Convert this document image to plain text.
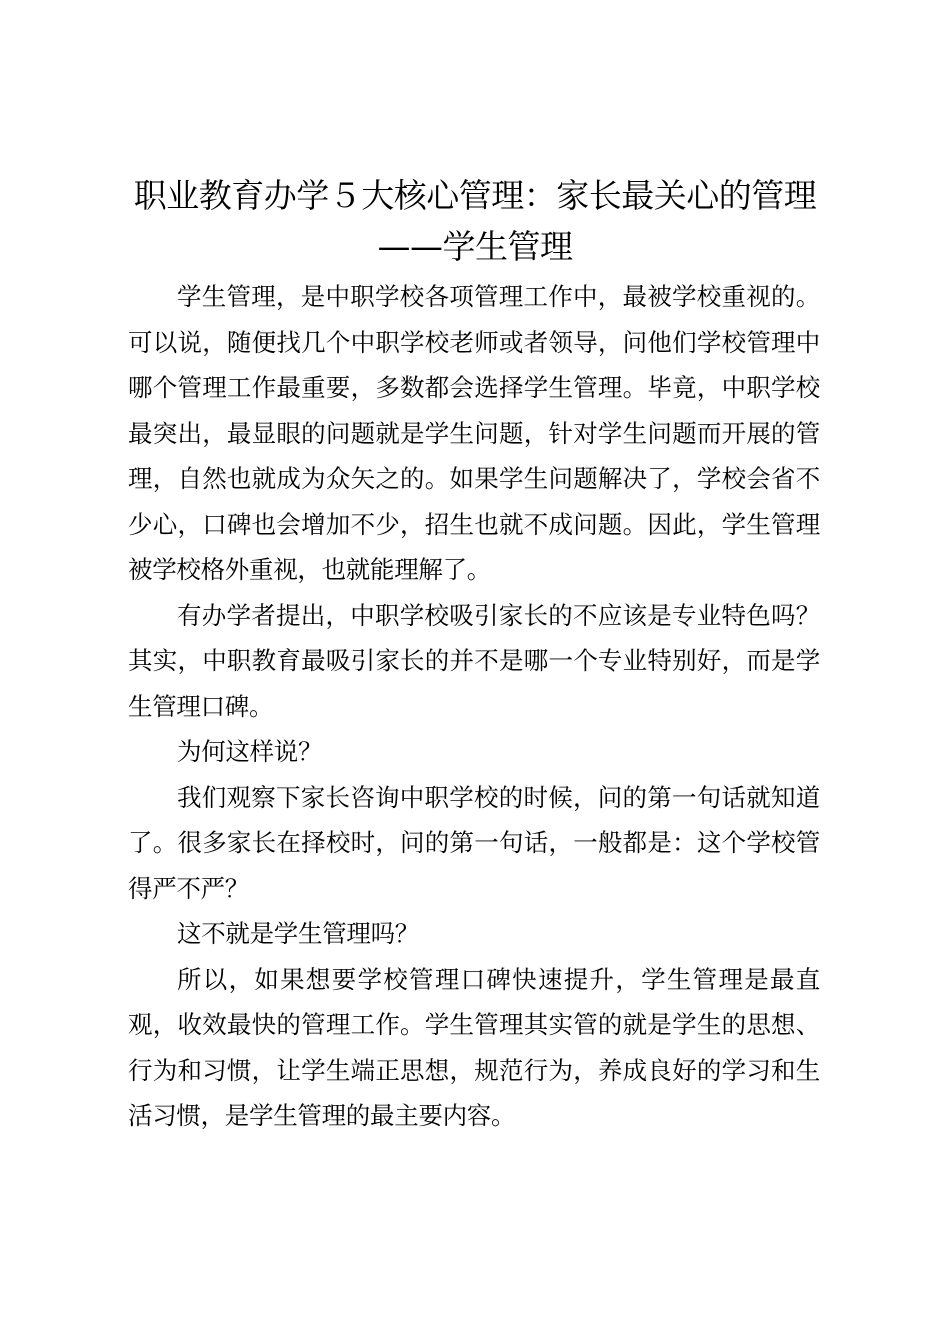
职业教育办学５大核心管理：家长最关心的管理——学生管理

学生管理，是中职学校各项管理工作中，最被学校重视的。可以说，随便找几个中职学校老师或者领导，问他们学校管理中哪个管理工作最重要，多数都会选择学生管理。毕竟，中职学校最突出，最显眼的问题就是学生问题，针对学生问题而开展的管理，自然也就成为众矢之的。如果学生问题解决了，学校会省不少心，口碑也会增加不少，招生也就不成问题。因此，学生管理被学校格外重视，也就能理解了。

有办学者提出，中职学校吸引家长的不应该是专业特色吗？其实，中职教育最吸引家长的并不是哪一个专业特别好，而是学生管理口碑。

为何这样说？

我们观察下家长咨询中职学校的时候，问的第一句话就知道了。很多家长在择校时，问的第一句话，一般都是：这个学校管得严不严？

这不就是学生管理吗？

所以，如果想要学校管理口碑快速提升，学生管理是最直观，收效最快的管理工作。学生管理其实管的就是学生的思想、行为和习惯，让学生端正思想，规范行为，养成良好的学习和生活习惯，是学生管理的最主要内容。
